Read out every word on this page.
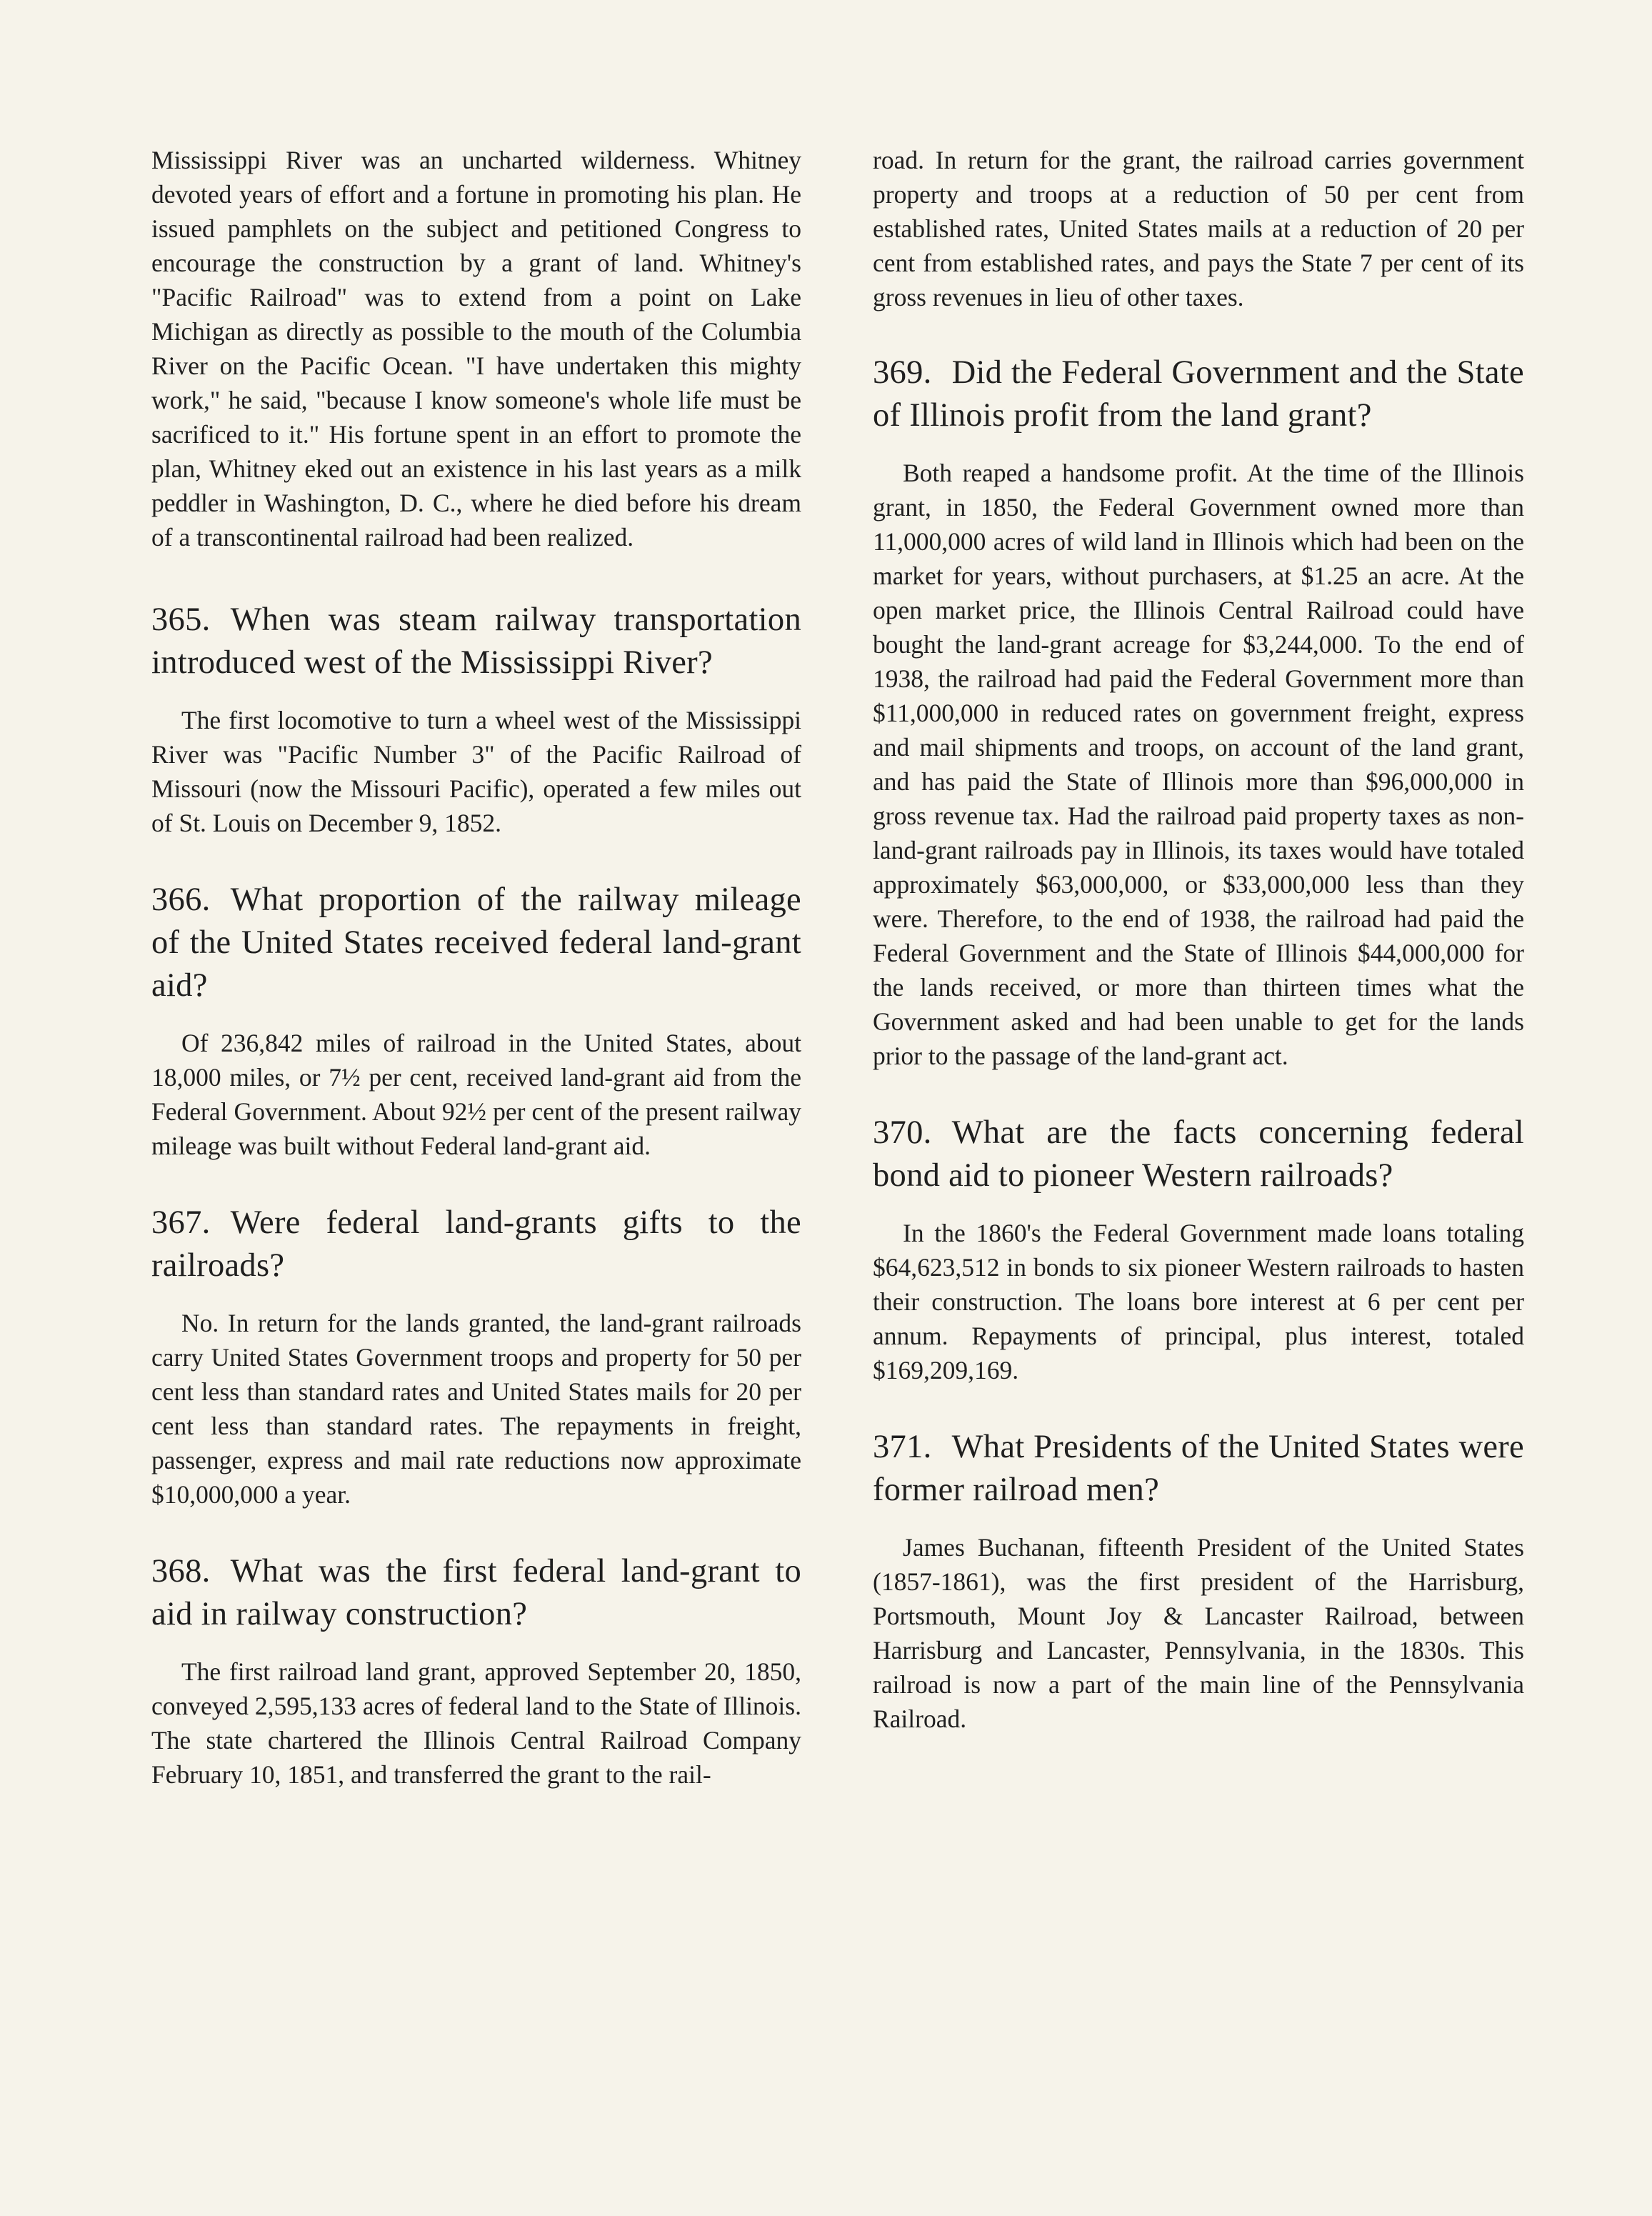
Mississippi River was an uncharted wilderness. Whitney devoted years of effort and a fortune in promoting his plan. He issued pamphlets on the subject and petitioned Congress to encourage the construction by a grant of land. Whitney's "Pacific Railroad" was to extend from a point on Lake Michigan as directly as possible to the mouth of the Columbia River on the Pacific Ocean. "I have undertaken this mighty work," he said, "because I know someone's whole life must be sacrificed to it." His fortune spent in an effort to promote the plan, Whitney eked out an existence in his last years as a milk peddler in Washington, D. C., where he died before his dream of a transcontinental railroad had been realized.

365. When was steam railway transportation introduced west of the Mississippi River?

The first locomotive to turn a wheel west of the Mississippi River was "Pacific Number 3" of the Pacific Railroad of Missouri (now the Missouri Pacific), operated a few miles out of St. Louis on December 9, 1852.

366. What proportion of the railway mileage of the United States received federal land-grant aid?

Of 236,842 miles of railroad in the United States, about 18,000 miles, or 7½ per cent, received land-grant aid from the Federal Government. About 92½ per cent of the present railway mileage was built without Federal land-grant aid.

367. Were federal land-grants gifts to the railroads?

No. In return for the lands granted, the land-grant railroads carry United States Government troops and property for 50 per cent less than standard rates and United States mails for 20 per cent less than standard rates. The repayments in freight, passenger, express and mail rate reductions now approximate $10,000,000 a year.

368. What was the first federal land-grant to aid in railway construction?

The first railroad land grant, approved September 20, 1850, conveyed 2,595,133 acres of federal land to the State of Illinois. The state chartered the Illinois Central Railroad Company February 10, 1851, and transferred the grant to the rail-

road. In return for the grant, the railroad carries government property and troops at a reduction of 50 per cent from established rates, United States mails at a reduction of 20 per cent from established rates, and pays the State 7 per cent of its gross revenues in lieu of other taxes.

369. Did the Federal Government and the State of Illinois profit from the land grant?

Both reaped a handsome profit. At the time of the Illinois grant, in 1850, the Federal Government owned more than 11,000,000 acres of wild land in Illinois which had been on the market for years, without purchasers, at $1.25 an acre. At the open market price, the Illinois Central Railroad could have bought the land-grant acreage for $3,244,000. To the end of 1938, the railroad had paid the Federal Government more than $11,000,000 in reduced rates on government freight, express and mail shipments and troops, on account of the land grant, and has paid the State of Illinois more than $96,000,000 in gross revenue tax. Had the railroad paid property taxes as non-land-grant railroads pay in Illinois, its taxes would have totaled approximately $63,000,000, or $33,000,000 less than they were. Therefore, to the end of 1938, the railroad had paid the Federal Government and the State of Illinois $44,000,000 for the lands received, or more than thirteen times what the Government asked and had been unable to get for the lands prior to the passage of the land-grant act.

370. What are the facts concerning federal bond aid to pioneer Western railroads?

In the 1860's the Federal Government made loans totaling $64,623,512 in bonds to six pioneer Western railroads to hasten their construction. The loans bore interest at 6 per cent per annum. Repayments of principal, plus interest, totaled $169,209,169.

371. What Presidents of the United States were former railroad men?

James Buchanan, fifteenth President of the United States (1857-1861), was the first president of the Harrisburg, Portsmouth, Mount Joy & Lancaster Railroad, between Harrisburg and Lancaster, Pennsylvania, in the 1830s. This railroad is now a part of the main line of the Pennsylvania Railroad.
